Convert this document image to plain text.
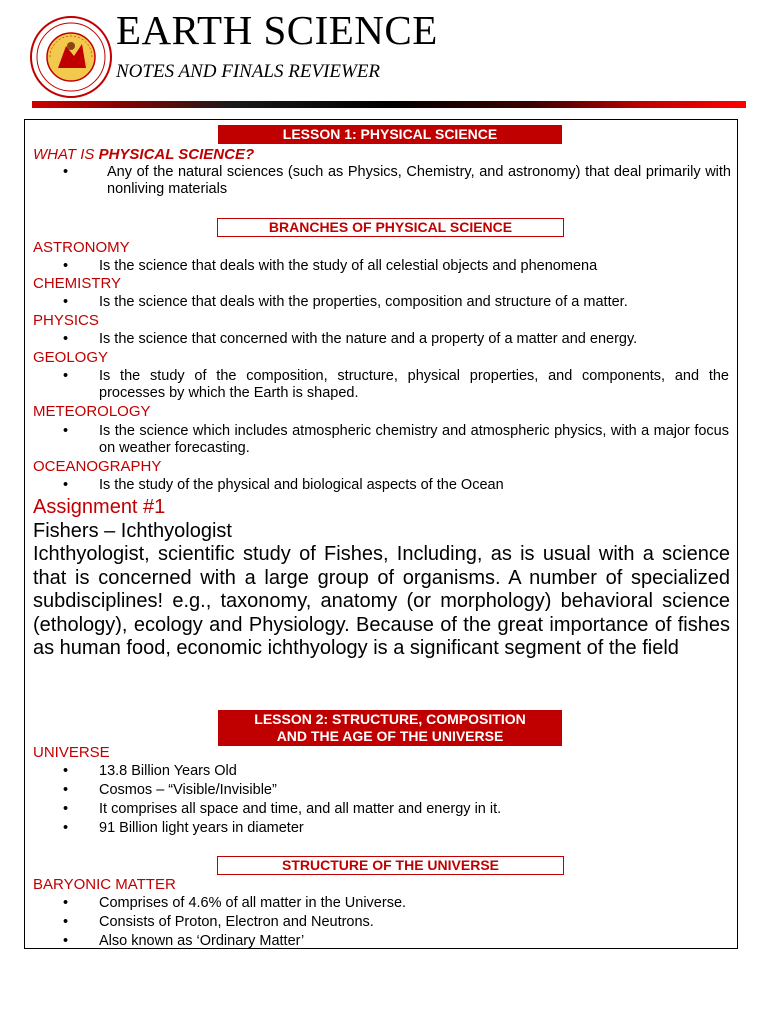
EARTH SCIENCE
NOTES AND FINALS REVIEWER
LESSON 1: PHYSICAL SCIENCE
WHAT IS PHYSICAL SCIENCE?
•	Any of the natural sciences (such as Physics, Chemistry, and astronomy) that deal primarily with nonliving materials
BRANCHES OF PHYSICAL SCIENCE
ASTRONOMY
• Is the science that deals with the study of all celestial objects and phenomena
CHEMISTRY
• Is the science that deals with the properties, composition and structure of a matter.
PHYSICS
• Is the science that concerned with the nature and a property of a matter and energy.
GEOLOGY
• Is the study of the composition, structure, physical properties, and components, and the processes by which the Earth is shaped.
METEOROLOGY
• Is the science which includes atmospheric chemistry and atmospheric physics, with a major focus on weather forecasting.
OCEANOGRAPHY
• Is the study of the physical and biological aspects of the Ocean
Assignment #1
Fishers – Ichthyologist
Ichthyologist, scientific study of Fishes, Including, as is usual with a science that is concerned with a large group of organisms. A number of specialized subdisciplines! e.g., taxonomy, anatomy (or morphology) behavioral science (ethology), ecology and Physiology. Because of the great importance of fishes as human food, economic ichthyology is a significant segment of the field
LESSON 2: STRUCTURE, COMPOSITION
AND THE AGE OF THE UNIVERSE
UNIVERSE
• 13.8 Billion Years Old
• Cosmos – “Visible/Invisible”
• It comprises all space and time, and all matter and energy in it.
• 91 Billion light years in diameter
STRUCTURE OF THE UNIVERSE
BARYONIC MATTER
• Comprises of 4.6% of all matter in the Universe.
• Consists of Proton, Electron and Neutrons.
• Also known as ‘Ordinary Matter’
